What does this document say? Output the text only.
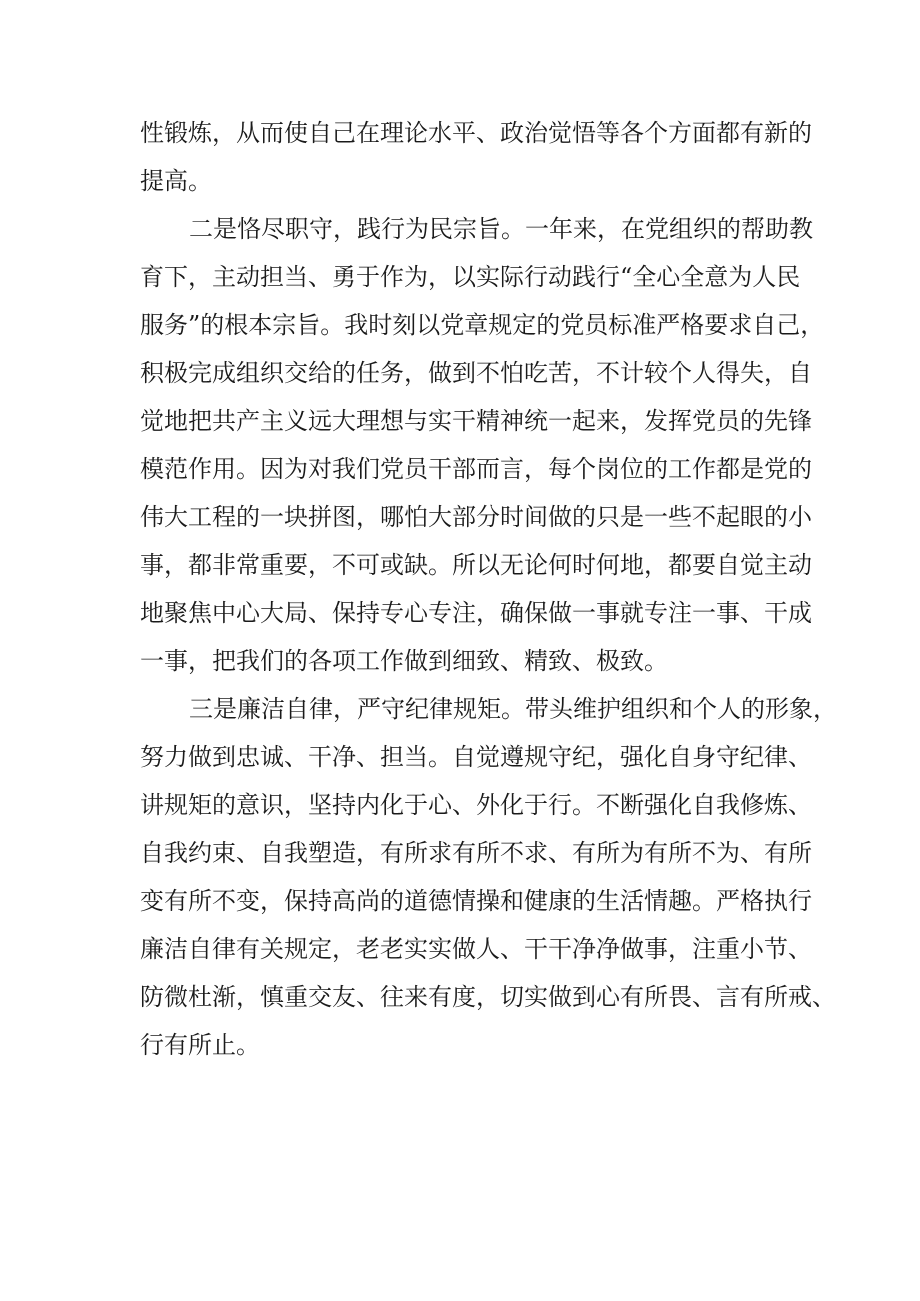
性锻炼，从而使自己在理论水平、政治觉悟等各个方面都有新的
提高。
二是恪尽职守，践行为民宗旨。一年来，在党组织的帮助教
育下，主动担当、勇于作为，以实际行动践行“全心全意为人民
服务”的根本宗旨。我时刻以党章规定的党员标准严格要求自己，
积极完成组织交给的任务，做到不怕吃苦，不计较个人得失，自
觉地把共产主义远大理想与实干精神统一起来，发挥党员的先锋
模范作用。因为对我们党员干部而言，每个岗位的工作都是党的
伟大工程的一块拼图，哪怕大部分时间做的只是一些不起眼的小
事，都非常重要，不可或缺。所以无论何时何地，都要自觉主动
地聚焦中心大局、保持专心专注，确保做一事就专注一事、干成
一事，把我们的各项工作做到细致、精致、极致。
三是廉洁自律，严守纪律规矩。带头维护组织和个人的形象，
努力做到忠诚、干净、担当。自觉遵规守纪，强化自身守纪律、
讲规矩的意识，坚持内化于心、外化于行。不断强化自我修炼、
自我约束、自我塑造，有所求有所不求、有所为有所不为、有所
变有所不变，保持高尚的道德情操和健康的生活情趣。严格执行
廉洁自律有关规定，老老实实做人、干干净净做事，注重小节、
防微杜渐，慎重交友、往来有度，切实做到心有所畏、言有所戒、
行有所止。
